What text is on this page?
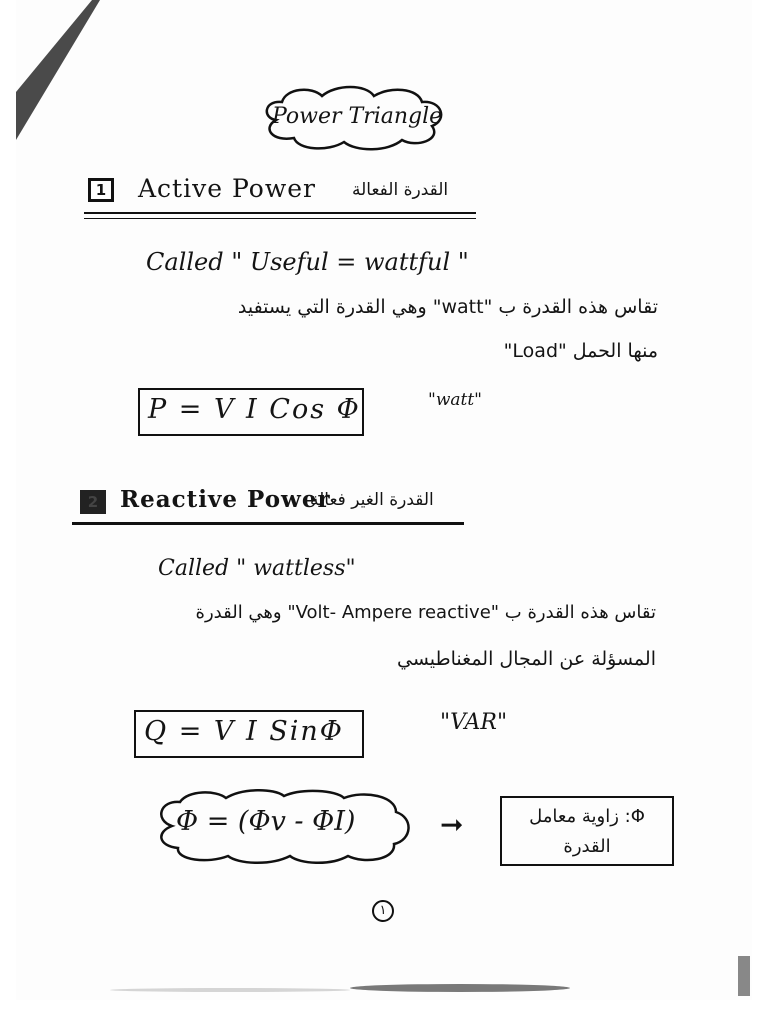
Power Triangle
1	Active Power القدرة الفعالة
Called " Useful = wattful "
تقاس هذه القدرة ب "watt" وهي القدرة التي يستفيد
منها الحمل "Load"
P = V I Cos Φ	"watt"
2 Reactive Power
القدرة الغير فعالة
Called " wattless"
تقاس هذه القدرة ب "Volt- Ampere reactive" وهي القدرة
المسؤلة عن المجال المغناطيسي
Q = V I SinΦ	"VAR"
Φ = (Φv - ΦI)	➞	Φ: زاوية معامل
القدرة
١
